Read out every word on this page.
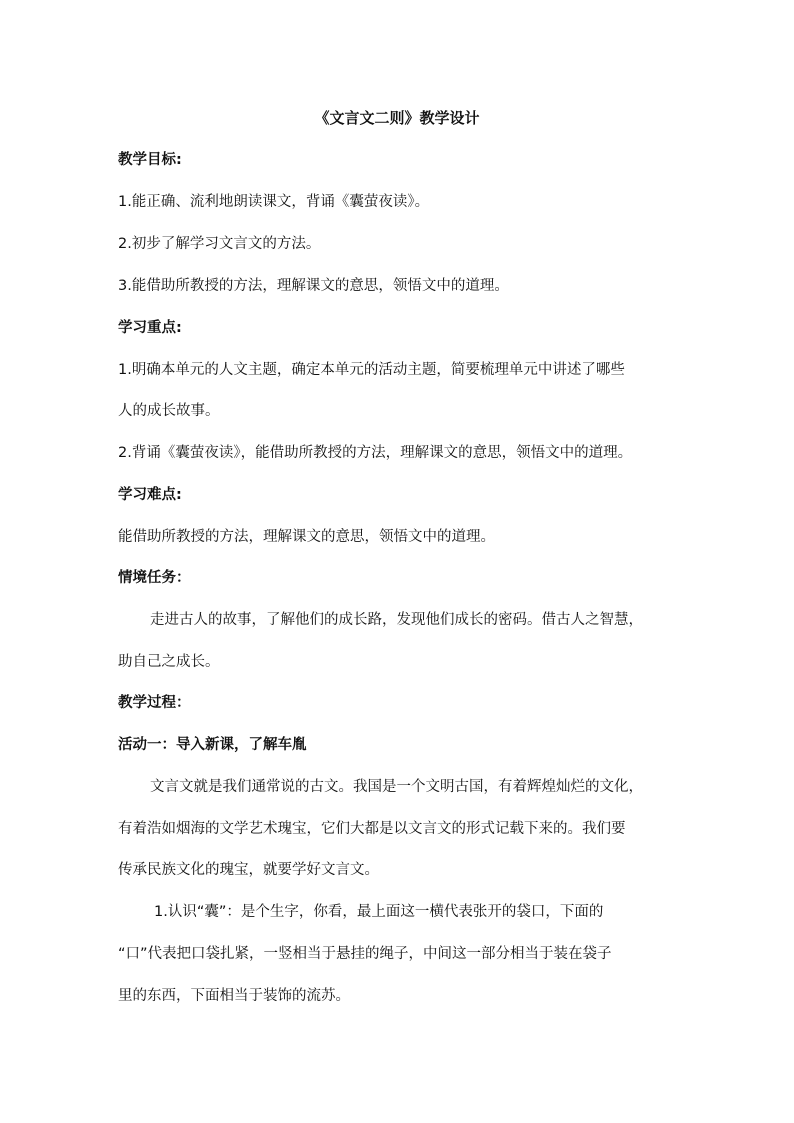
《文言文二则》教学设计
教学目标:
1.能正确、流利地朗读课文，背诵《囊萤夜读》。
2.初步了解学习文言文的方法。
3.能借助所教授的方法，理解课文的意思，领悟文中的道理。
学习重点:
1.明确本单元的人文主题，确定本单元的活动主题，简要梳理单元中讲述了哪些
人的成长故事。
2.背诵《囊萤夜读》，能借助所教授的方法，理解课文的意思，领悟文中的道理。
学习难点:
能借助所教授的方法，理解课文的意思，领悟文中的道理。
情境任务：
走进古人的故事，了解他们的成长路，发现他们成长的密码。借古人之智慧，
助自己之成长。
教学过程：
活动一：导入新课，了解车胤
文言文就是我们通常说的古文。我国是一个文明古国，有着辉煌灿烂的文化，
有着浩如烟海的文学艺术瑰宝，它们大都是以文言文的形式记载下来的。我们要
传承民族文化的瑰宝，就要学好文言文。
1.认识“囊”：是个生字，你看，最上面这一横代表张开的袋口，下面的
“口”代表把口袋扎紧，一竖相当于悬挂的绳子，中间这一部分相当于装在袋子
里的东西，下面相当于装饰的流苏。
